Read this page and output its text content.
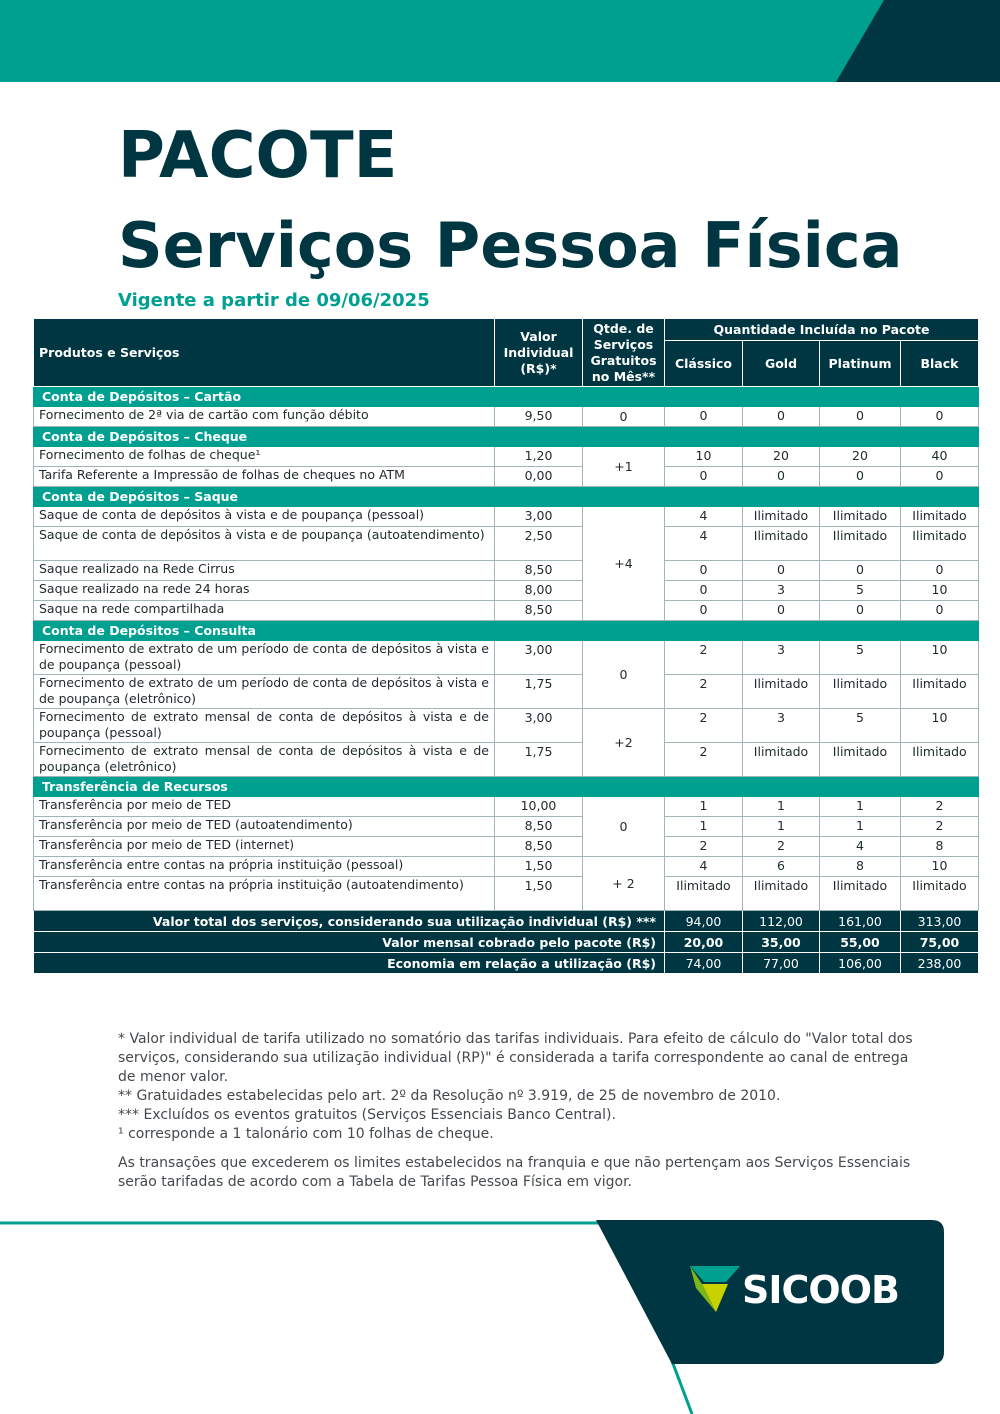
PACOTE
Serviços Pessoa Física

Vigente a partir de 09/06/2025

Produtos e Serviços	Valor Individual (R$)*	Qtde. de Serviços Gratuitos no Mês**	Quantidade Incluída no Pacote			
			Clássico	Gold	Platinum	Black
Conta de Depósitos – Cartão						
Fornecimento de 2ª via de cartão com função débito	9,50	0	0	0	0	0
Conta de Depósitos – Cheque						
Fornecimento de folhas de cheque¹	1,20	+1	10	20	20	40
Tarifa Referente a Impressão de folhas de cheques no ATM	0,00		0	0	0	0
Conta de Depósitos – Saque						
Saque de conta de depósitos à vista e de poupança (pessoal)	3,00	+4	4	Ilimitado	Ilimitado	Ilimitado
Saque de conta de depósitos à vista e de poupança (autoatendimento)	2,50		4	Ilimitado	Ilimitado	Ilimitado
Saque realizado na Rede Cirrus	8,50		0	0	0	0
Saque realizado na rede 24 horas	8,00		0	3	5	10
Saque na rede compartilhada	8,50		0	0	0	0
Conta de Depósitos – Consulta						
Fornecimento de extrato de um período de conta de depósitos à vista e de poupança (pessoal)	3,00	0	2	3	5	10
Fornecimento de extrato de um período de conta de depósitos à vista e de poupança (eletrônico)	1,75		2	Ilimitado	Ilimitado	Ilimitado
Fornecimento de extrato mensal de conta de depósitos à vista e de poupança (pessoal)	3,00	+2	2	3	5	10
Fornecimento de extrato mensal de conta de depósitos à vista e de poupança (eletrônico)	1,75		2	Ilimitado	Ilimitado	Ilimitado
Transferência de Recursos						
Transferência por meio de TED	10,00	0	1	1	1	2
Transferência por meio de TED (autoatendimento)	8,50		1	1	1	2
Transferência por meio de TED (internet)	8,50		2	2	4	8
Transferência entre contas na própria instituição (pessoal)	1,50	+ 2	4	6	8	10
Transferência entre contas na própria instituição (autoatendimento)	1,50		Ilimitado	Ilimitado	Ilimitado	Ilimitado
Valor total dos serviços, considerando sua utilização individual (R$) ***			94,00	112,00	161,00	313,00
Valor mensal cobrado pelo pacote (R$)			20,00	35,00	55,00	75,00
Economia em relação a utilização (R$)			74,00	77,00	106,00	238,00

* Valor individual de tarifa utilizado no somatório das tarifas individuais. Para efeito de cálculo do "Valor total dos serviços, considerando sua utilização individual (RP)" é considerada a tarifa correspondente ao canal de entrega de menor valor.

** Gratuidades estabelecidas pelo art. 2º da Resolução nº 3.919, de 25 de novembro de 2010.

*** Excluídos os eventos gratuitos (Serviços Essenciais Banco Central).

¹ corresponde a 1 talonário com 10 folhas de cheque.

As transações que excederem os limites estabelecidos na franquia e que não pertençam aos Serviços Essenciais serão tarifadas de acordo com a Tabela de Tarifas Pessoa Física em vigor.

SICOOB
